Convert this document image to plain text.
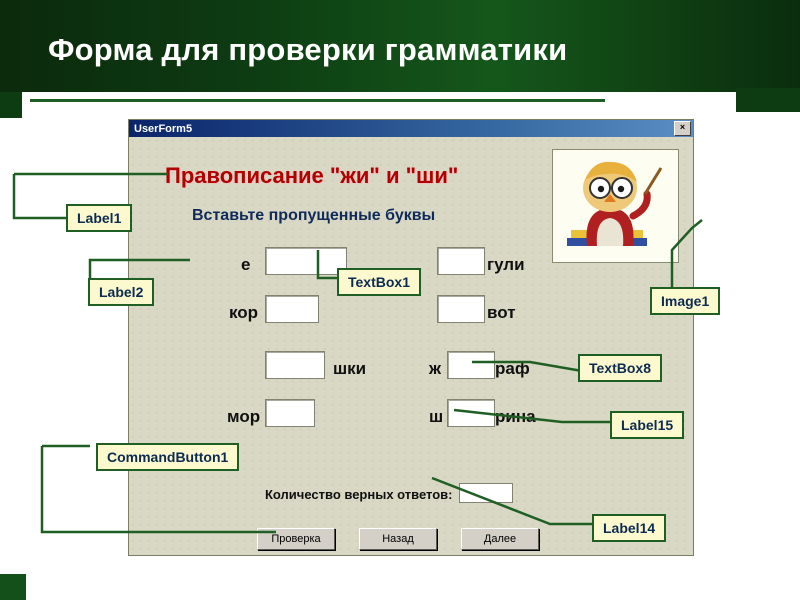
Форма для проверки грамматики
UserForm5	×
Правописание "жи" и "ши"
Вставьте пропущенные буквы
е	гули
кор	вот
шки	ж	раф
мор	ш	рина
Количество верных ответов:
Проверка	Назад	Далее
Label1
Label2
TextBox1
Image1
TextBox8
Label15
CommandButton1
Label14
